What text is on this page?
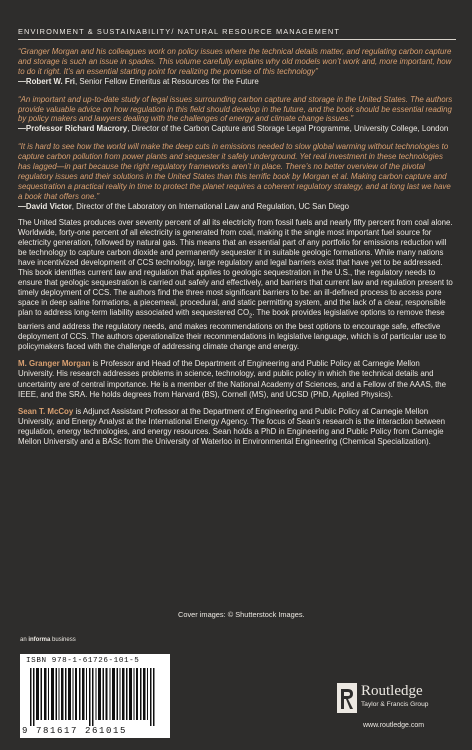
ENVIRONMENT & SUSTAINABILITY/ NATURAL RESOURCE MANAGEMENT

“Granger Morgan and his colleagues work on policy issues where the technical details matter, and regulating carbon capture and storage is such an issue in spades. This volume carefully explains why old models won’t work and, more important, how to do it right. It’s an essential starting point for realizing the promise of this technology”

—Robert W. Fri, Senior Fellow Emeritus at Resources for the Future

“An important and up-to-date study of legal issues surrounding carbon capture and storage in the United States. The authors provide valuable advice on how regulation in this field should develop in the future, and the book should be essential reading by policy makers and lawyers dealing with the challenges of energy and climate change issues.”

—Professor Richard Macrory, Director of the Carbon Capture and Storage Legal Programme, University College, London

“It is hard to see how the world will make the deep cuts in emissions needed to slow global warming without technologies to capture carbon pollution from power plants and sequester it safely underground. Yet real investment in these technologies has lagged—in part because the right regulatory frameworks aren’t in place. There’s no better overview of the pivotal regulatory issues and their solutions in the United States than this terrific book by Morgan et al. Making carbon capture and sequestration a practical reality in time to protect the planet requires a coherent regulatory strategy, and at long last we have a book that offers one.”

—David Victor, Director of the Laboratory on International Law and Regulation, UC San Diego

The United States produces over seventy percent of all its electricity from fossil fuels and nearly fifty percent from coal alone. Worldwide, forty-one percent of all electricity is generated from coal, making it the single most important fuel source for electricity generation, followed by natural gas. This means that an essential part of any portfolio for emissions reduction will be technology to capture carbon dioxide and permanently sequester it in suitable geologic formations. While many nations have incentivized development of CCS technology, large regulatory and legal barriers exist that have yet to be addressed. This book identifies current law and regulation that applies to geologic sequestration in the U.S., the regulatory needs to ensure that geologic sequestration is carried out safely and effectively, and barriers that current law and regulation present to timely deployment of CCS. The authors find the three most significant barriers to be: an ill-defined process to access pore space in deep saline formations, a piecemeal, procedural, and static permitting system, and the lack of a clear, responsible plan to address long-term liability associated with sequestered $CO_2$. The book provides legislative options to remove these barriers and address the regulatory needs, and makes recommendations on the best options to encourage safe, effective deployment of CCS. The authors operationalize their recommendations in legislative language, which is of particular use to policymakers faced with the challenge of addressing climate change and energy.

M. Granger Morgan is Professor and Head of the Department of Engineering and Public Policy at Carnegie Mellon University. His research addresses problems in science, technology, and public policy in which the technical details and uncertainty are of central importance. He is a member of the National Academy of Sciences, and a Fellow of the AAAS, the IEEE, and the SRA. He holds degrees from Harvard (BS), Cornell (MS), and UCSD (PhD, Applied Physics).

Sean T. McCoy is Adjunct Assistant Professor at the Department of Engineering and Public Policy at Carnegie Mellon University, and Energy Analyst at the International Energy Agency. The focus of Sean’s research is the interaction between regulation, energy technologies, and energy resources. Sean holds a PhD in Engineering and Public Policy from Carnegie Mellon University and a BASc from the University of Waterloo in Environmental Engineering (Chemical Specialization).

Cover images: © Shutterstock Images.
an informa business
ISBN 978-1-61726-101-5
9 781617 261015
Routledge
Taylor & Francis Group
www.routledge.com
